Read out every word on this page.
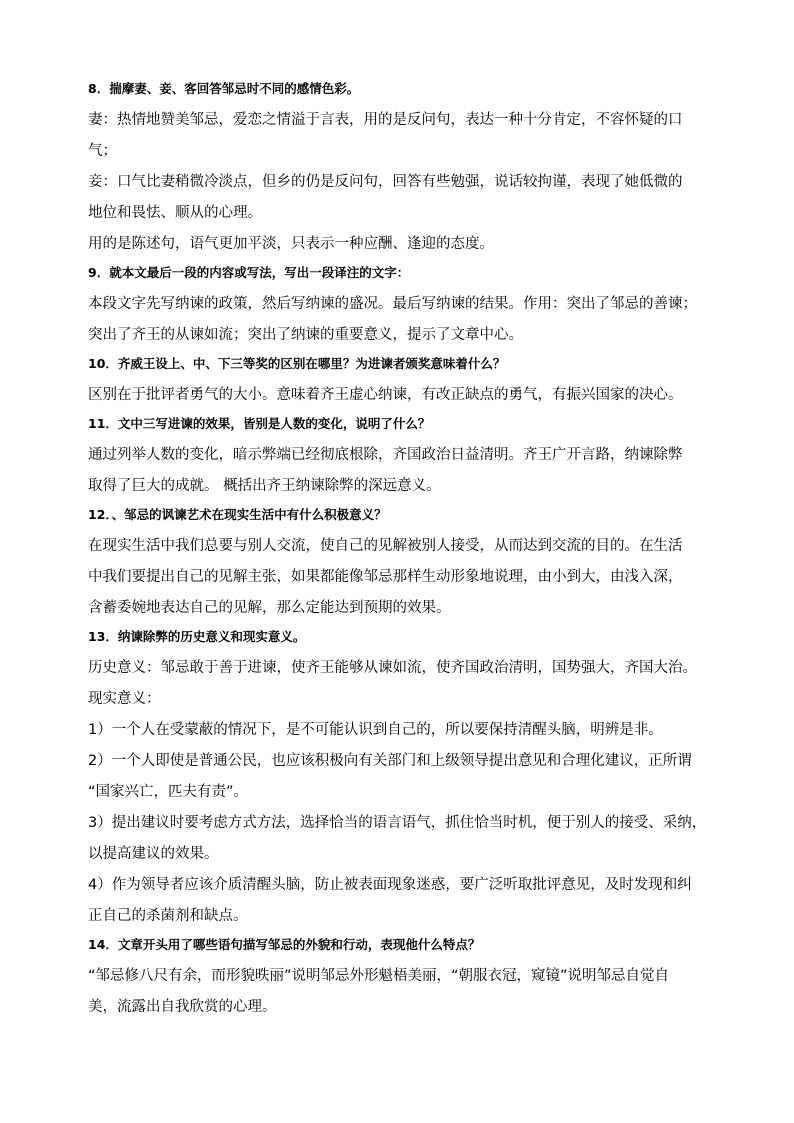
8．揣摩妻、妾、客回答邹忌时不同的感情色彩。

妻：热情地赞美邹忌，爱恋之情溢于言表，用的是反问句，表达一种十分肯定，不容怀疑的口

气；

妾：口气比妻稍微冷淡点，但乡的仍是反问句，回答有些勉强，说话较拘谨，表现了她低微的

地位和畏怯、顺从的心理。

用的是陈述句，语气更加平淡，只表示一种应酬、逢迎的态度。

9．就本文最后一段的内容或写法，写出一段译注的文字：

本段文字先写纳谏的政策，然后写纳谏的盛况。最后写纳谏的结果。作用：突出了邹忌的善谏；

突出了齐王的从谏如流；突出了纳谏的重要意义，提示了文章中心。

10．齐威王设上、中、下三等奖的区别在哪里？为进谏者颁奖意味着什么？

区别在于批评者勇气的大小。意味着齐王虚心纳谏，有改正缺点的勇气，有振兴国家的决心。

11．文中三写进谏的效果，皆别是人数的变化，说明了什么？

通过列举人数的变化，暗示弊端已经彻底根除，齐国政治日益清明。齐王广开言路，纳谏除弊

取得了巨大的成就。 概括出齐王纳谏除弊的深远意义。

12．、邹忌的讽谏艺术在现实生活中有什么积极意义？

在现实生活中我们总要与别人交流，使自己的见解被别人接受，从而达到交流的目的。在生活

中我们要提出自己的见解主张，如果都能像邹忌那样生动形象地说理，由小到大，由浅入深，

含蓄委婉地表达自己的见解，那么定能达到预期的效果。

13．纳谏除弊的历史意义和现实意义。

历史意义：邹忌敢于善于进谏，使齐王能够从谏如流，使齐国政治清明，国势强大，齐国大治。

现实意义：

1）一个人在受蒙蔽的情况下，是不可能认识到自己的，所以要保持清醒头脑，明辨是非。

2）一个人即使是普通公民，也应该积极向有关部门和上级领导提出意见和合理化建议，正所谓

“国家兴亡，匹夫有责”。

3）提出建议时要考虑方式方法，选择恰当的语言语气，抓住恰当时机，便于别人的接受、采纳，

以提高建议的效果。

4）作为领导者应该介质清醒头脑，防止被表面现象迷惑，要广泛听取批评意见，及时发现和纠

正自己的杀菌剂和缺点。

14．文章开头用了哪些语句描写邹忌的外貌和行动，表现他什么特点？

“邹忌修八尺有余，而形貌昳丽”说明邹忌外形魁梧美丽，“朝服衣冠，窥镜”说明邹忌自觉自

美，流露出自我欣赏的心理。
